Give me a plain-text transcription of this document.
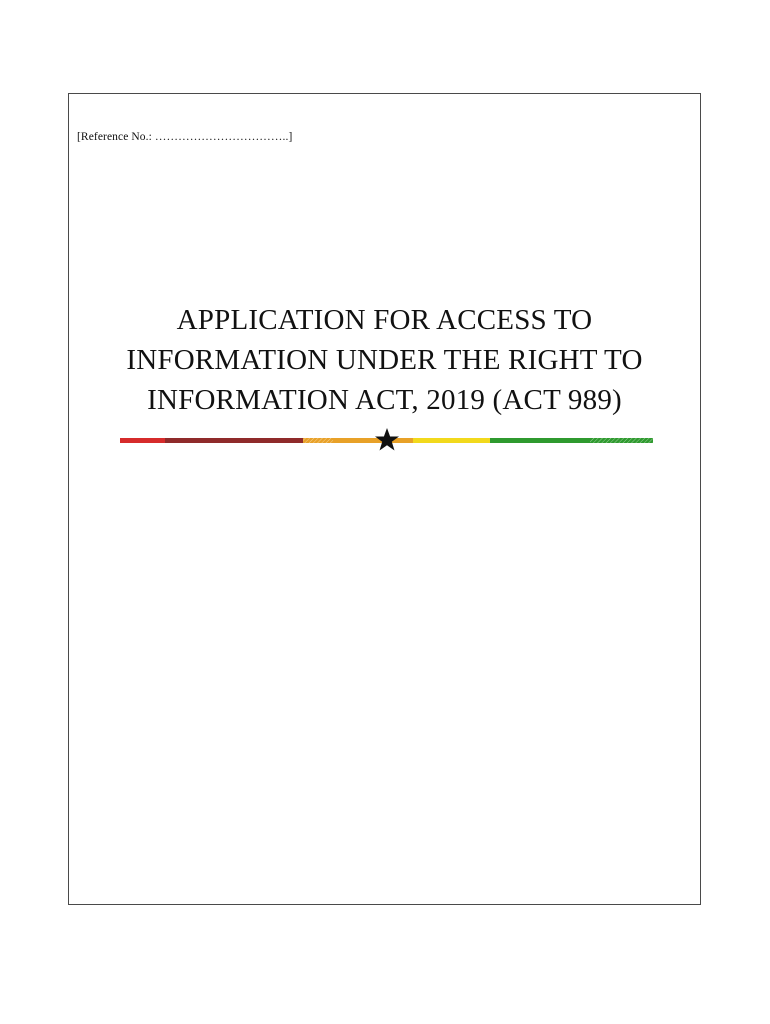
[Reference No.: ……………………………..]
APPLICATION FOR ACCESS TO
INFORMATION UNDER THE RIGHT TO
INFORMATION ACT, 2019 (ACT 989)
